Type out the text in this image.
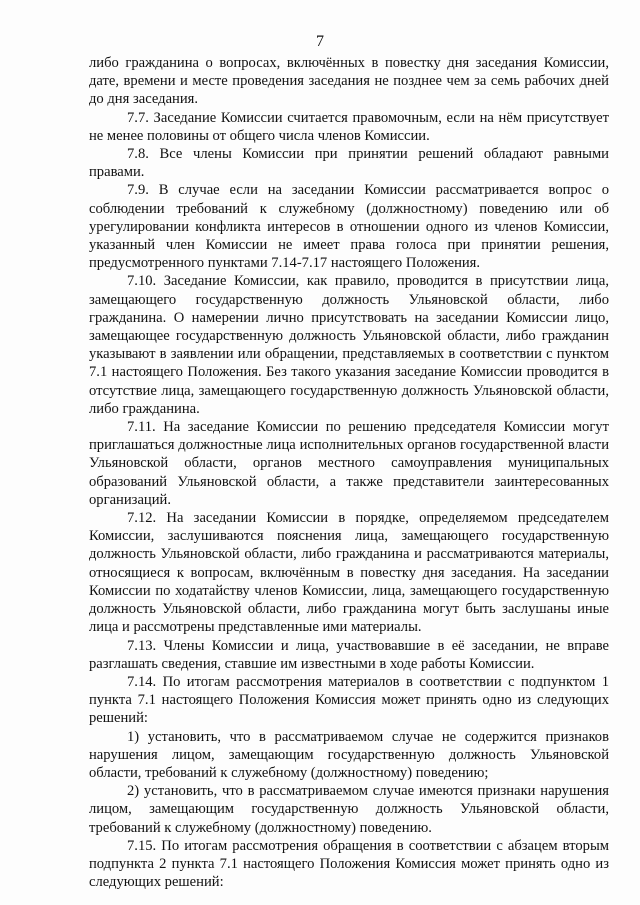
7

либо гражданина о вопросах, включённых в повестку дня заседания Комиссии, дате, времени и месте проведения заседания не позднее чем за семь рабочих дней до дня заседания.

7.7. Заседание Комиссии считается правомочным, если на нём присутствует не менее половины от общего числа членов Комиссии.

7.8. Все члены Комиссии при принятии решений обладают равными правами.

7.9. В случае если на заседании Комиссии рассматривается вопрос о соблюдении требований к служебному (должностному) поведению или об урегулировании конфликта интересов в отношении одного из членов Комиссии, указанный член Комиссии не имеет права голоса при принятии решения, предусмотренного пунктами 7.14-7.17 настоящего Положения.

7.10. Заседание Комиссии, как правило, проводится в присутствии лица, замещающего государственную должность Ульяновской области, либо гражданина. О намерении лично присутствовать на заседании Комиссии лицо, замещающее государственную должность Ульяновской области, либо гражданин указывают в заявлении или обращении, представляемых в соответствии с пунктом 7.1 настоящего Положения. Без такого указания заседание Комиссии проводится в отсутствие лица, замещающего государственную должность Ульяновской области, либо гражданина.

7.11. На заседание Комиссии по решению председателя Комиссии могут приглашаться должностные лица исполнительных органов государственной власти Ульяновской области, органов местного самоуправления муниципальных образований Ульяновской области, а также представители заинтересованных организаций.

7.12. На заседании Комиссии в порядке, определяемом председателем Комиссии, заслушиваются пояснения лица, замещающего государственную должность Ульяновской области, либо гражданина и рассматриваются материалы, относящиеся к вопросам, включённым в повестку дня заседания. На заседании Комиссии по ходатайству членов Комиссии, лица, замещающего государственную должность Ульяновской области, либо гражданина могут быть заслушаны иные лица и рассмотрены представленные ими материалы.

7.13. Члены Комиссии и лица, участвовавшие в её заседании, не вправе разглашать сведения, ставшие им известными в ходе работы Комиссии.

7.14. По итогам рассмотрения материалов в соответствии с подпунктом 1 пункта 7.1 настоящего Положения Комиссия может принять одно из следующих решений:

1) установить, что в рассматриваемом случае не содержится признаков нарушения лицом, замещающим государственную должность Ульяновской области, требований к служебному (должностному) поведению;

2) установить, что в рассматриваемом случае имеются признаки нарушения лицом, замещающим государственную должность Ульяновской области, требований к служебному (должностному) поведению.

7.15. По итогам рассмотрения обращения в соответствии с абзацем вторым подпункта 2 пункта 7.1 настоящего Положения Комиссия может принять одно из следующих решений:
